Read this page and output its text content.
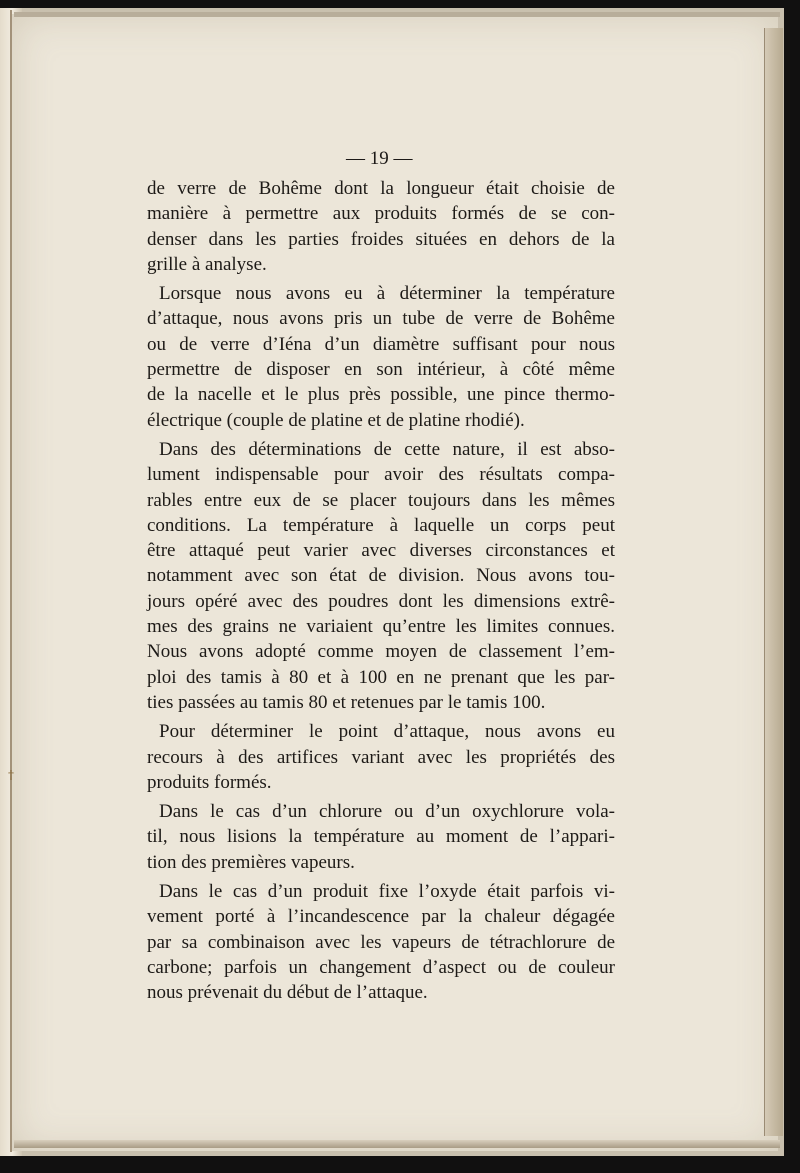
†
— 19 —
de verre de Bohême dont la longueur était choisie de
manière à permettre aux produits formés de se con-
denser dans les parties froides situées en dehors de la
grille à analyse.
Lorsque nous avons eu à déterminer la température
d’attaque, nous avons pris un tube de verre de Bohême
ou de verre d’Iéna d’un diamètre suffisant pour nous
permettre de disposer en son intérieur, à côté même
de la nacelle et le plus près possible, une pince thermo-
électrique (couple de platine et de platine rhodié).
Dans des déterminations de cette nature, il est abso-
lument indispensable pour avoir des résultats compa-
rables entre eux de se placer toujours dans les mêmes
conditions. La température à laquelle un corps peut
être attaqué peut varier avec diverses circonstances et
notamment avec son état de division. Nous avons tou-
jours opéré avec des poudres dont les dimensions extrê-
mes des grains ne variaient qu’entre les limites connues.
Nous avons adopté comme moyen de classement l’em-
ploi des tamis à 80 et à 100 en ne prenant que les par-
ties passées au tamis 80 et retenues par le tamis 100.
Pour déterminer le point d’attaque, nous avons eu
recours à des artifices variant avec les propriétés des
produits formés.
Dans le cas d’un chlorure ou d’un oxychlorure vola-
til, nous lisions la température au moment de l’appari-
tion des premières vapeurs.
Dans le cas d’un produit fixe l’oxyde était parfois vi-
vement porté à l’incandescence par la chaleur dégagée
par sa combinaison avec les vapeurs de tétrachlorure de
carbone; parfois un changement d’aspect ou de couleur
nous prévenait du début de l’attaque.
